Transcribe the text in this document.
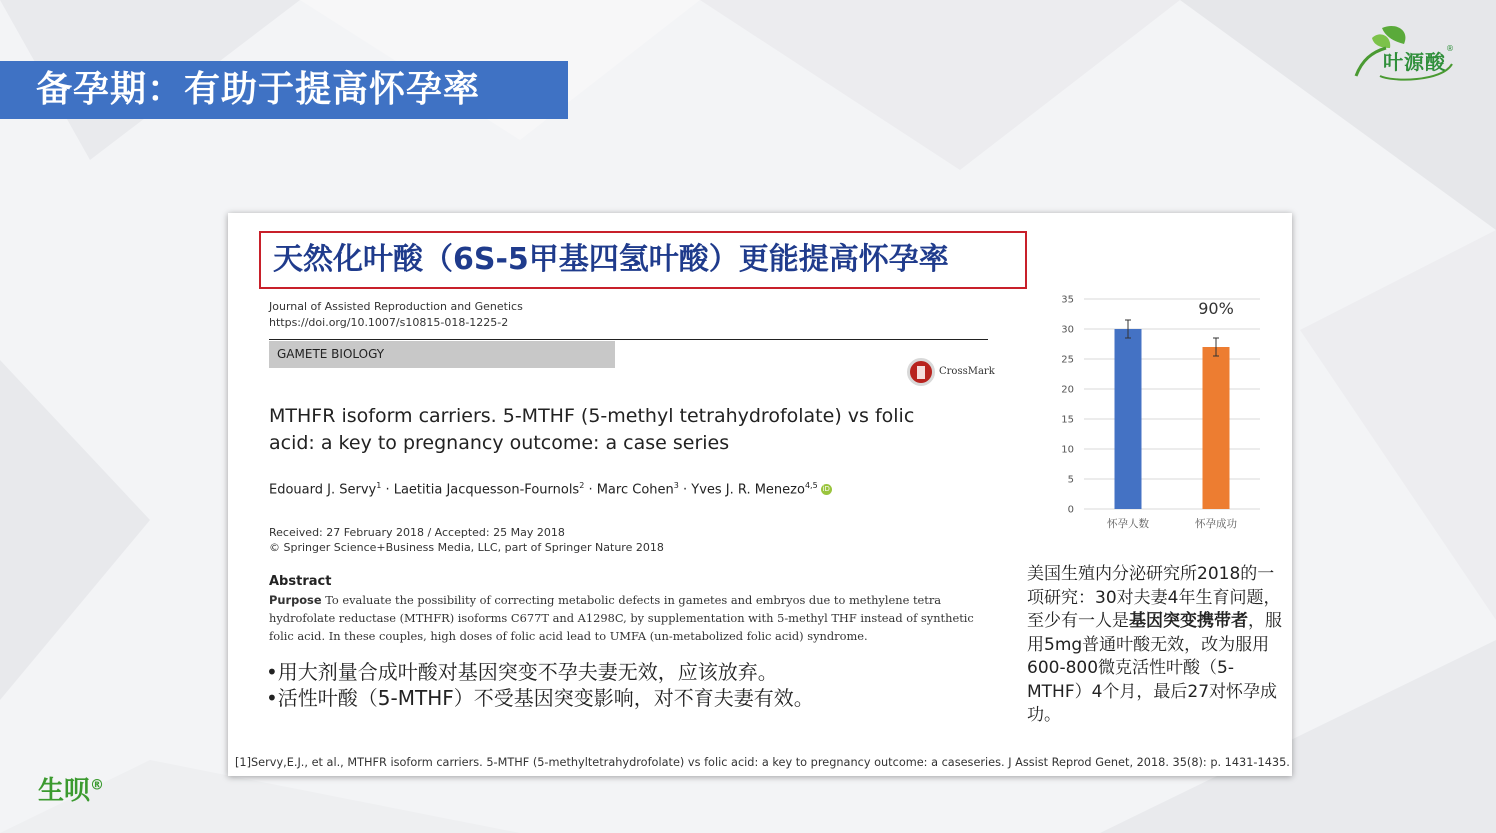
备孕期：有助于提高怀孕率
叶源酸
®
天然化叶酸（6S-5甲基四氢叶酸）更能提高怀孕率
Journal of Assisted Reproduction and Genetics
https://doi.org/10.1007/s10815-018-1225-2
GAMETE BIOLOGY
CrossMark
MTHFR isoform carriers. 5-MTHF (5-methyl tetrahydrofolate) vs folic acid: a key to pregnancy outcome: a case series
Edouard J. Servy$^1$ · Laetitia Jacquesson-Fournols$^2$ · Marc Cohen$^3$ · Yves J. R. Menezo$^{4,5}$ iD
Received: 27 February 2018 / Accepted: 25 May 2018
© Springer Science+Business Media, LLC, part of Springer Nature 2018
Abstract
Purpose To evaluate the possibility of correcting metabolic defects in gametes and embryos due to methylene tetra hydrofolate reductase (MTHFR) isoforms C677T and A1298C, by supplementation with 5-methyl THF instead of synthetic folic acid. In these couples, high doses of folic acid lead to UMFA (un-metabolized folic acid) syndrome.
•用大剂量合成叶酸对基因突变不孕夫妻无效，应该放弃。
•活性叶酸（5-MTHF）不受基因突变影响，对不育夫妻有效。
0
5
10
15
20
25
30
35
怀孕人数	怀孕成功
90%
美国生殖内分泌研究所2018的一项研究：30对夫妻4年生育问题，至少有一人是基因突变携带者，服用5mg普通叶酸无效，改为服用600-800微克活性叶酸（5-MTHF）4个月，最后27对怀孕成功。
[1]Servy,E.J., et al., MTHFR isoform carriers. 5-MTHF (5-methyltetrahydrofolate) vs folic acid: a key to pregnancy outcome: a caseseries. J Assist Reprod Genet, 2018. 35(8): p. 1431-1435.
生呗®
